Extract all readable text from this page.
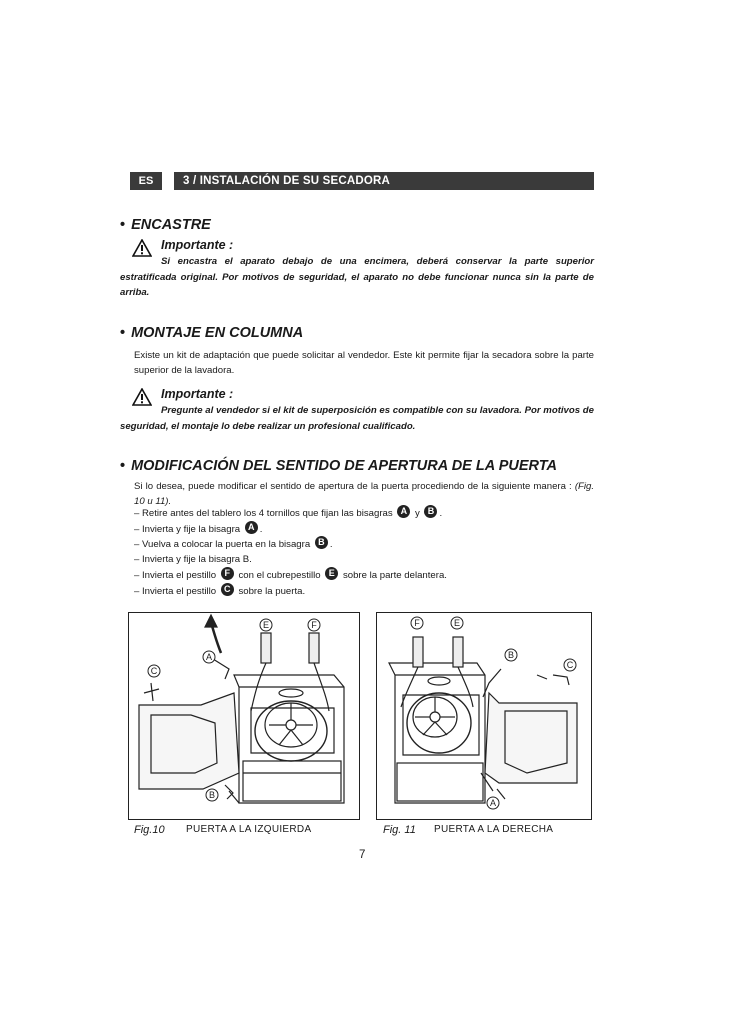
ES	3 / INSTALACIÓN DE SU SECADORA
• ENCASTRE
Importante :
Si encastra el aparato debajo de una encimera, deberá conservar la parte superior estratificada original. Por motivos de seguridad, el aparato no debe funcionar nunca sin la parte de arriba.
• MONTAJE EN COLUMNA
Existe un kit de adaptación que puede solicitar al vendedor. Este kit permite fijar la secadora sobre la parte superior de la lavadora.
Importante :
Pregunte al vendedor si el kit de superposición es compatible con su lavadora. Por motivos de seguridad, el montaje lo debe realizar un profesional cualificado.
• MODIFICACIÓN DEL SENTIDO DE APERTURA DE LA PUERTA
Si lo desea, puede modificar el sentido de apertura de la puerta procediendo de la siguiente manera : (Fig. 10 u 11).
– Retire antes del tablero los 4 tornillos que fijan las bisagras A y B .
– Invierta y fije la bisagra A .
– Vuelva a colocar la puerta en la bisagra B .
– Invierta y fije la bisagra B.
– Invierta el pestillo F con el cubrepestillo E sobre la parte delantera.
– Invierta el pestillo C sobre la puerta.
E	F
A
C
B
Fig.10 PUERTA A LA IZQUIERDA
F	E
B
C
A
Fig. 11 PUERTA A LA DERECHA
7
